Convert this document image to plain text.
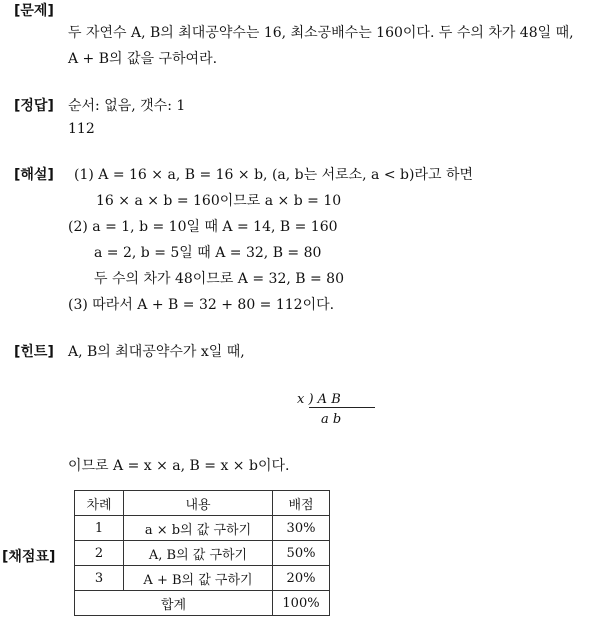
[문제]
두 자연수 A, B의 최대공약수는 16, 최소공배수는 160이다. 두 수의 차가 48일 때,
A + B의 값을 구하여라.
[정답] 순서: 없음, 갯수: 1
112
[해설] (1) A = 16 × a, B = 16 × b, (a, b는 서로소, a < b)라고 하면
16 × a × b = 160이므로 a × b = 10
(2) a = 1, b = 10일 때 A = 14, B = 160
a = 2, b = 5일 때 A = 32, B = 80
두 수의 차가 48이므로 A = 32, B = 80
(3) 따라서 A + B = 32 + 80 = 112이다.
[힌트] A, B의 최대공약수가 x일 때,
x ) A B
a b
이므로 A = x × a, B = x × b이다.
[채점표]
차례	내용	배점
1	a × b의 값 구하기	30%
2	A, B의 값 구하기	50%
3	A + B의 값 구하기	20%
합계		100%
